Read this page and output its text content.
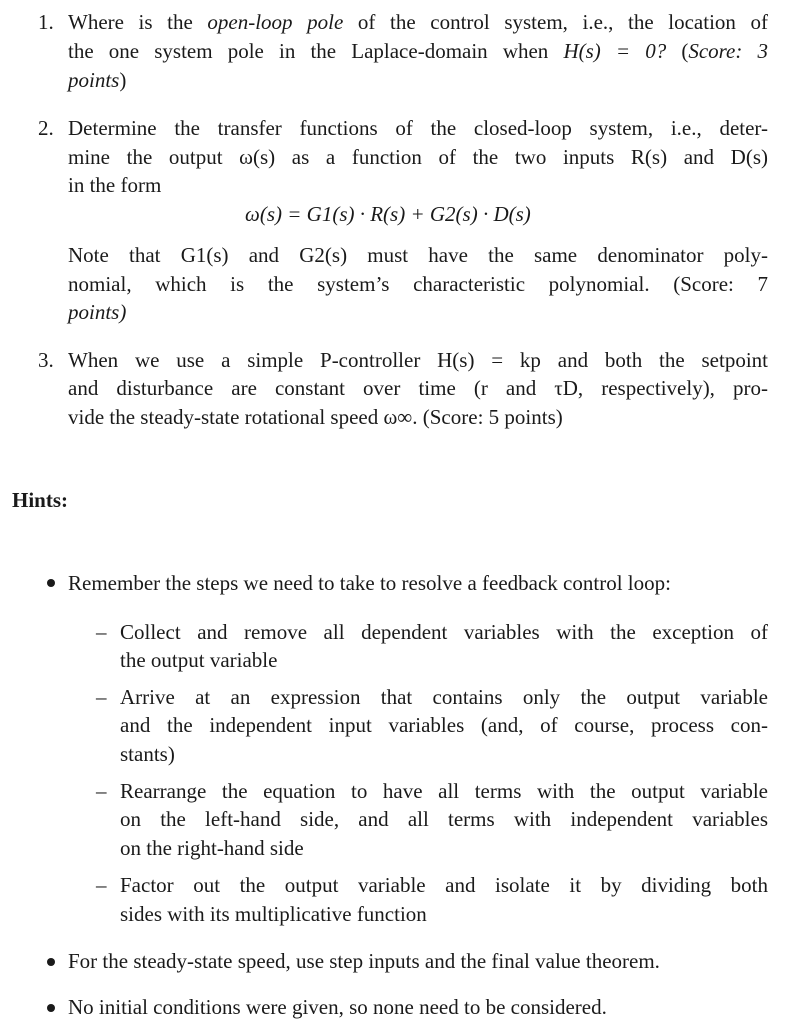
1. Where is the open-loop pole of the control system, i.e., the location of
the one system pole in the Laplace-domain when H(s) = 0? (Score: 3
points)
2. Determine the transfer functions of the closed-loop system, i.e., deter-
mine the output ω(s) as a function of the two inputs R(s) and D(s)
in the form
ω(s) = G1(s) · R(s) + G2(s) · D(s)
Note that G1(s) and G2(s) must have the same denominator poly-
nomial, which is the system’s characteristic polynomial. (Score: 7
points)
3. When we use a simple P-controller H(s) = kp and both the setpoint
and disturbance are constant over time (r and τD, respectively), pro-
vide the steady-state rotational speed ω∞. (Score: 5 points)
Hints:
Remember the steps we need to take to resolve a feedback control loop:
– Collect and remove all dependent variables with the exception of
the output variable
– Arrive at an expression that contains only the output variable
and the independent input variables (and, of course, process con-
stants)
– Rearrange the equation to have all terms with the output variable
on the left-hand side, and all terms with independent variables
on the right-hand side
– Factor out the output variable and isolate it by dividing both
sides with its multiplicative function
For the steady-state speed, use step inputs and the final value theorem.
No initial conditions were given, so none need to be considered.
